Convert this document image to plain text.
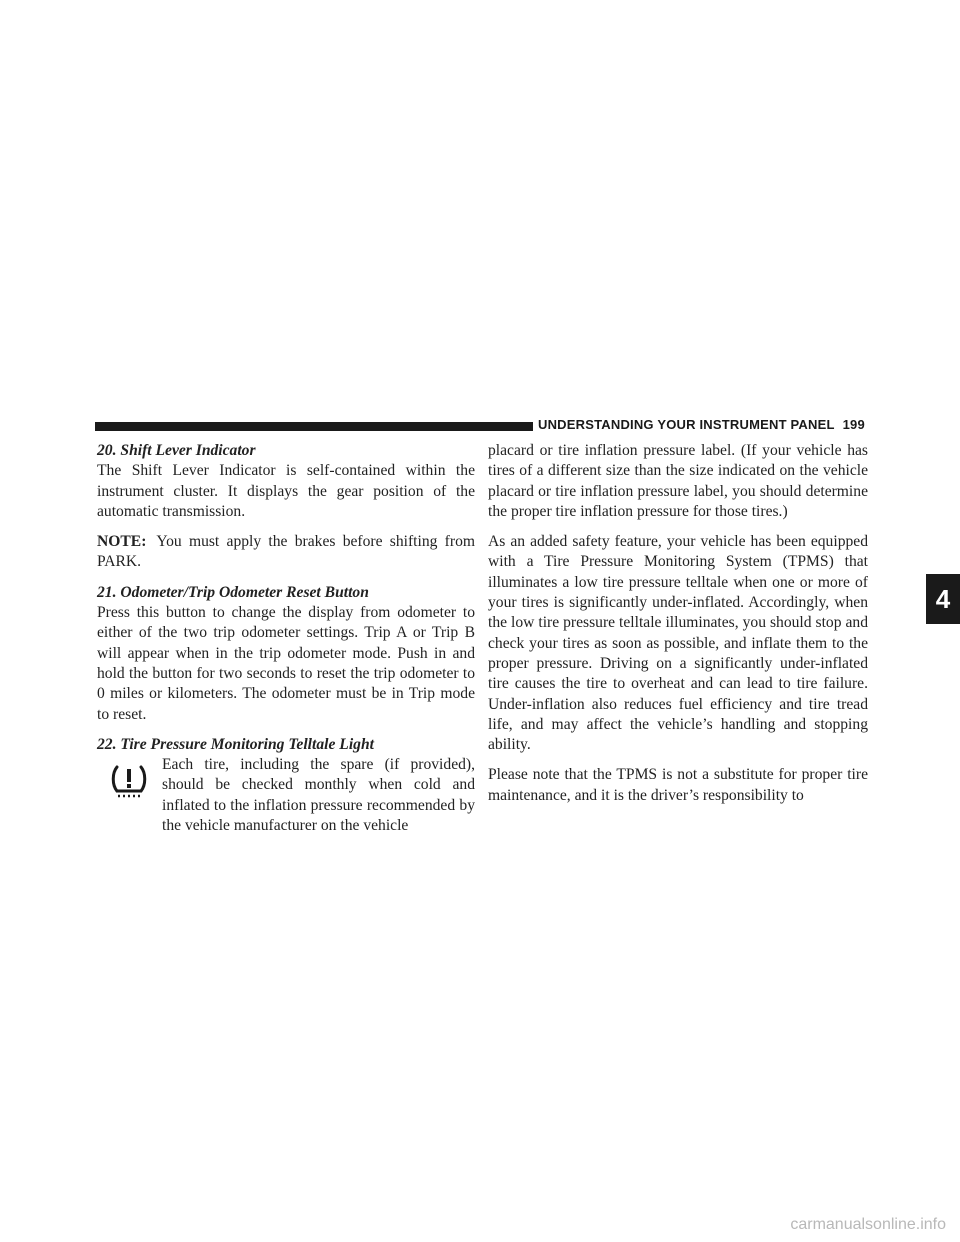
UNDERSTANDING YOUR INSTRUMENT PANEL 199

20. Shift Lever Indicator

The Shift Lever Indicator is self-contained within the instrument cluster. It displays the gear position of the automatic transmission.

NOTE: You must apply the brakes before shifting from PARK.

21. Odometer/Trip Odometer Reset Button

Press this button to change the display from odometer to either of the two trip odometer settings. Trip A or Trip B will appear when in the trip odometer mode. Push in and hold the button for two seconds to reset the trip odometer to 0 miles or kilometers. The odometer must be in Trip mode to reset.

22. Tire Pressure Monitoring Telltale Light

Each tire, including the spare (if provided), should be checked monthly when cold and inflated to the inflation pressure recommended by the vehicle manufacturer on the vehicle

placard or tire inflation pressure label. (If your vehicle has tires of a different size than the size indicated on the vehicle placard or tire inflation pressure label, you should determine the proper tire inflation pressure for those tires.)

As an added safety feature, your vehicle has been equipped with a Tire Pressure Monitoring System (TPMS) that illuminates a low tire pressure telltale when one or more of your tires is significantly under-inflated. Accordingly, when the low tire pressure telltale illuminates, you should stop and check your tires as soon as possible, and inflate them to the proper pressure. Driving on a significantly under-inflated tire causes the tire to overheat and can lead to tire failure. Under-inflation also reduces fuel efficiency and tire tread life, and may affect the vehicle’s handling and stopping ability.

Please note that the TPMS is not a substitute for proper tire maintenance, and it is the driver’s responsibility to

4
carmanualsonline.info
